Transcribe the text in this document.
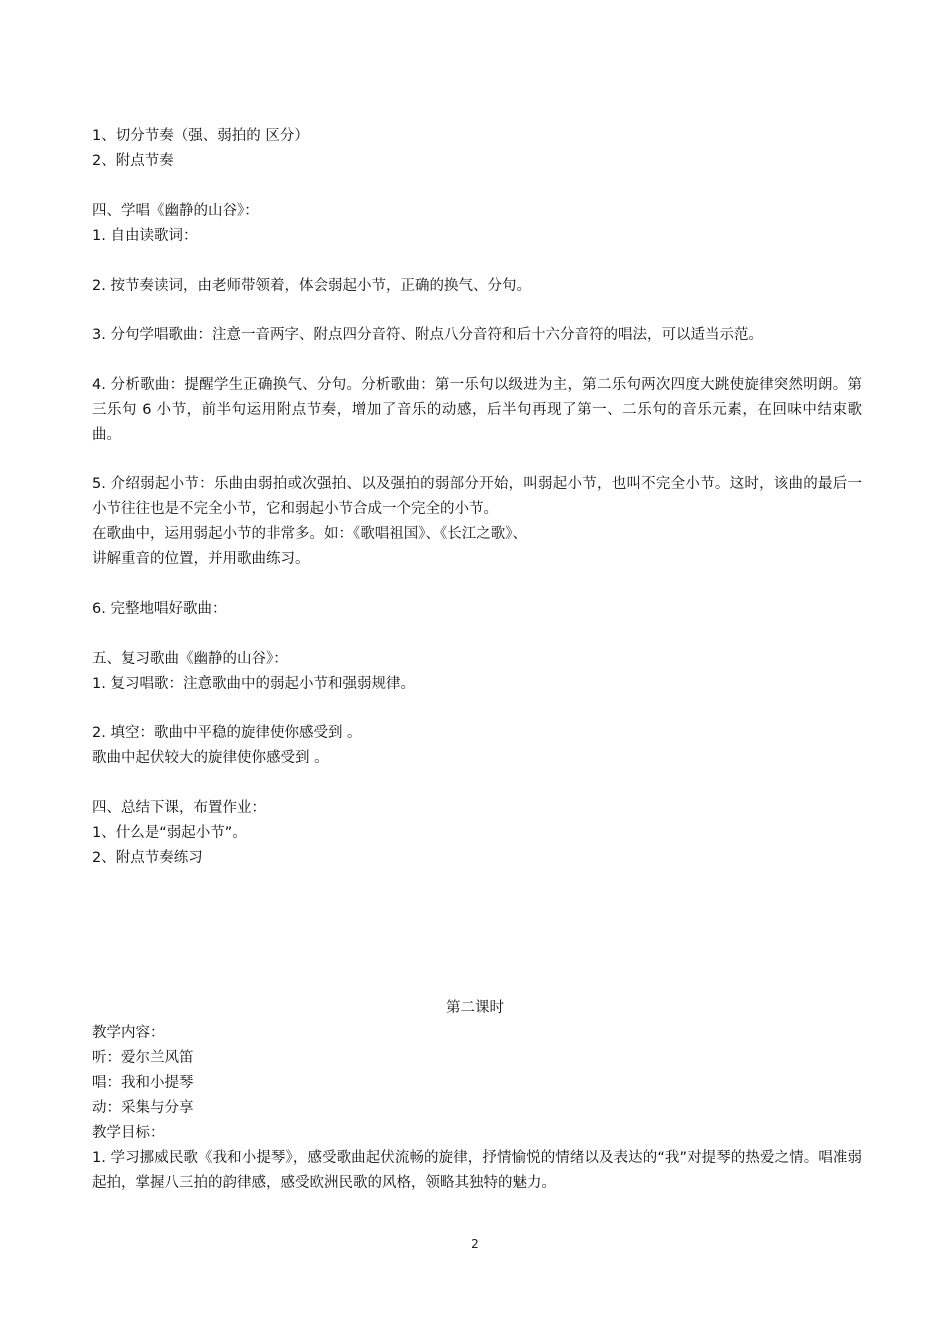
1、切分节奏（强、弱拍的 区分）
2、附点节奏
四、学唱《幽静的山谷》：
1. 自由读歌词：
2. 按节奏读词，由老师带领着，体会弱起小节，正确的换气、分句。
3. 分句学唱歌曲：注意一音两字、附点四分音符、附点八分音符和后十六分音符的唱法，可以适当示范。
4. 分析歌曲：提醒学生正确换气、分句。分析歌曲：第一乐句以级进为主，第二乐句两次四度大跳使旋律突然明朗。第三乐句 6 小节，前半句运用附点节奏，增加了音乐的动感，后半句再现了第一、二乐句的音乐元素，在回味中结束歌曲。
5. 介绍弱起小节：乐曲由弱拍或次强拍、以及强拍的弱部分开始，叫弱起小节，也叫不完全小节。这时，该曲的最后一小节往往也是不完全小节，它和弱起小节合成一个完全的小节。
在歌曲中，运用弱起小节的非常多。如：《歌唱祖国》、《长江之歌》、
讲解重音的位置，并用歌曲练习。
6. 完整地唱好歌曲：
五、复习歌曲《幽静的山谷》：
1. 复习唱歌：注意歌曲中的弱起小节和强弱规律。
2. 填空：歌曲中平稳的旋律使你感受到 。
歌曲中起伏较大的旋律使你感受到 。
四、总结下课，布置作业：
1、什么是“弱起小节”。
2、附点节奏练习
第二课时
教学内容：
听：爱尔兰风笛
唱：我和小提琴
动：采集与分享
教学目标：
1. 学习挪威民歌《我和小提琴》，感受歌曲起伏流畅的旋律，抒情愉悦的情绪以及表达的“我”对提琴的热爱之情。唱准弱起拍，掌握八三拍的韵律感，感受欧洲民歌的风格，领略其独特的魅力。
2
